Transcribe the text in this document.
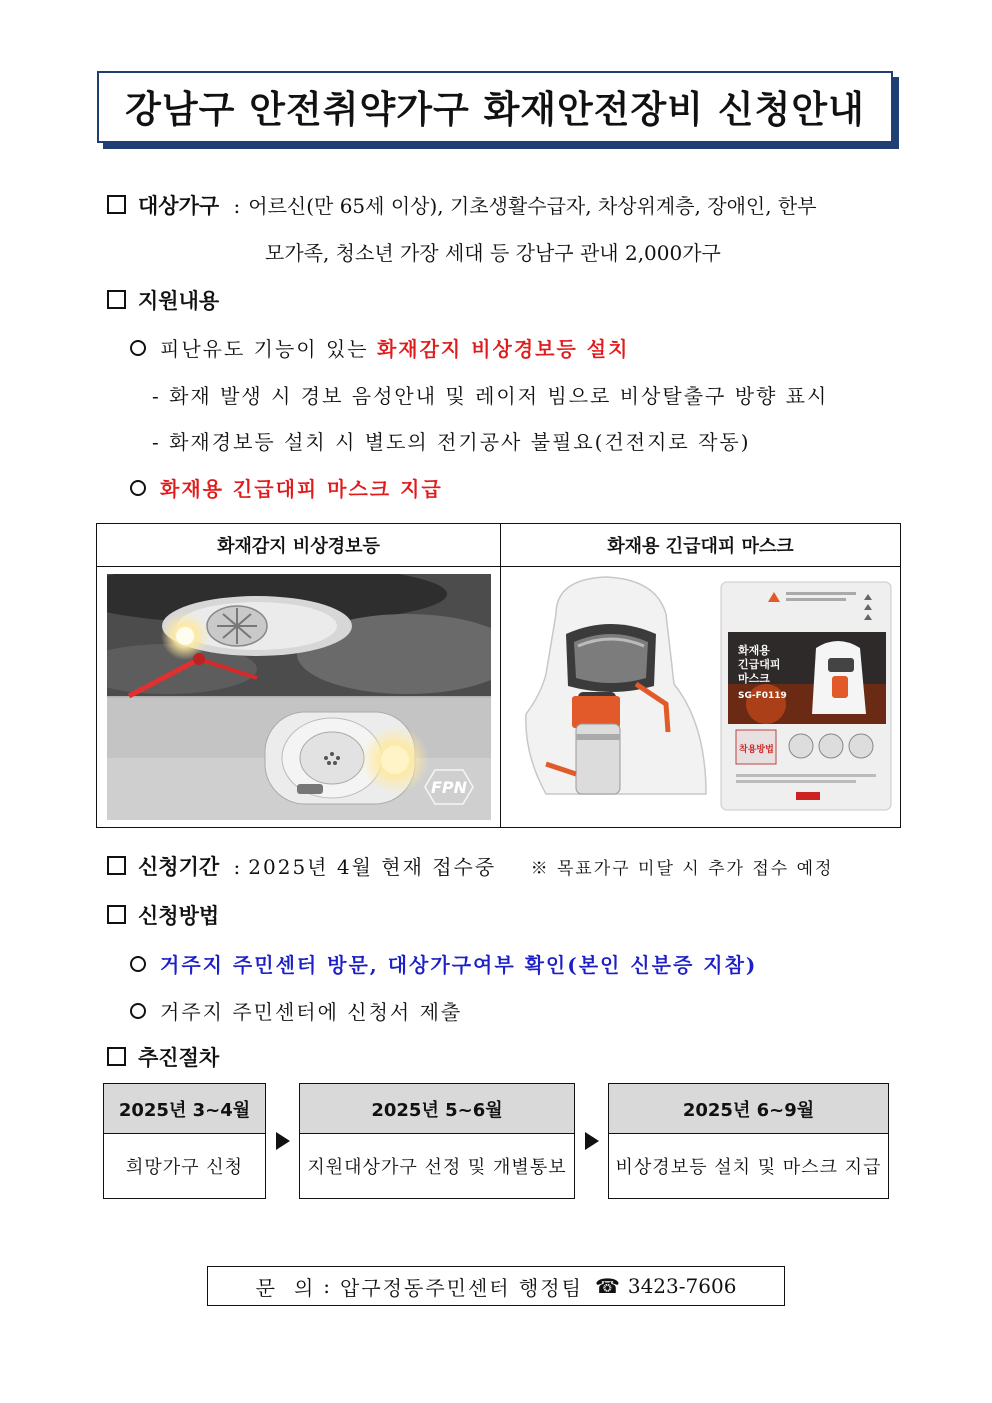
강남구 안전취약가구 화재안전장비 신청안내
대상가구 : 어르신(만 65세 이상), 기초생활수급자, 차상위계층, 장애인, 한부
모가족, 청소년 가장 세대 등 강남구 관내 2,000가구
지원내용
피난유도 기능이 있는 화재감지 비상경보등 설치
- 화재 발생 시 경보 음성안내 및 레이저 빔으로 비상탈출구 방향 표시
- 화재경보등 설치 시 별도의 전기공사 불필요(건전지로 작동)
화재용 긴급대피 마스크 지급
화재감지 비상경보등	화재용 긴급대피 마스크

FPN	화재용
긴급대피
마스크
SG-F0119
착용방법
신청기간 : 2025년 4월 현재 접수중 ※ 목표가구 미달 시 추가 접수 예정
신청방법
거주지 주민센터 방문, 대상가구여부 확인(본인 신분증 지참)
거주지 주민센터에 신청서 제출
추진절차
2025년 3~4월
희망가구 신청
2025년 5~6월
지원대상가구 선정 및 개별통보
2025년 6~9월
비상경보등 설치 및 마스크 지급
문   의 : 압구정동주민센터 행정팀 ☎ 3423-7606
